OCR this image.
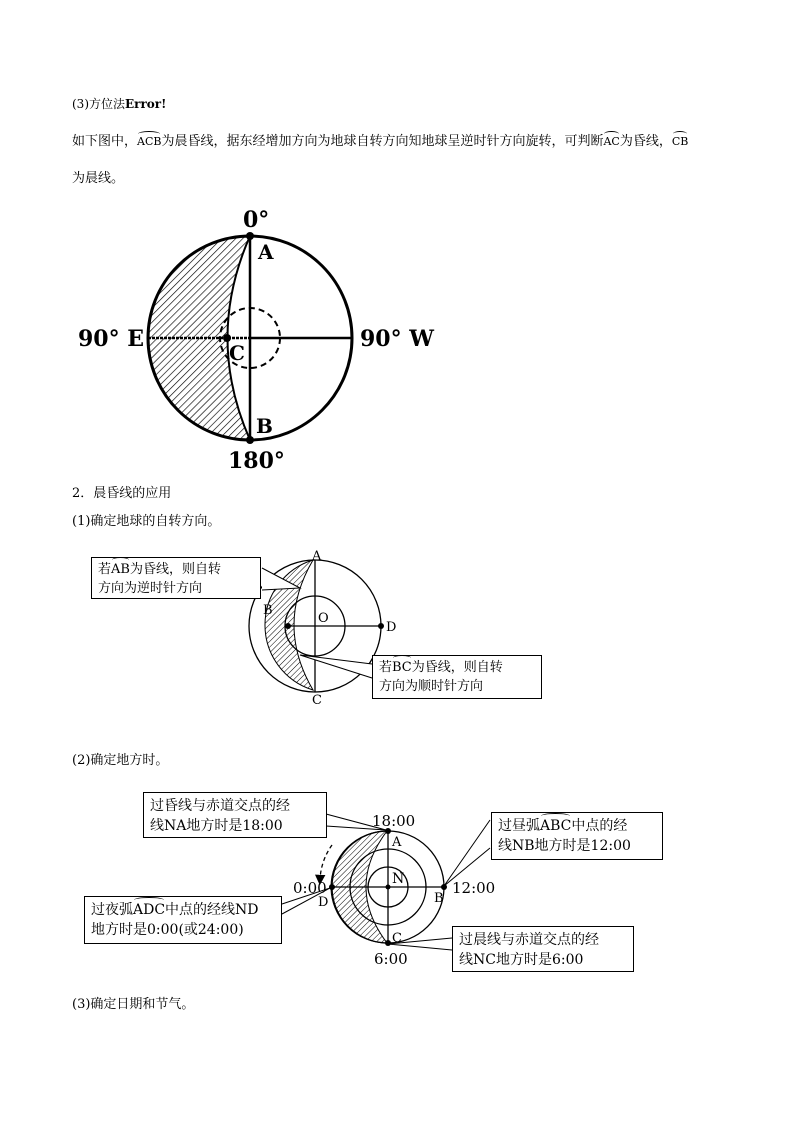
(3)方位法Error!
如下图中，ACB为晨昏线，据东经增加方向为地球自转方向知地球呈逆时针方向旋转，可判断AC为昏线，CB
为晨线。
0°
180°
90° E	90° W
A
B
C
A
B
C
D
O
18:00
12:00
0:00
6:00
A
B
C
D
N
2．晨昏线的应用
(1)确定地球的自转方向。
若AB为昏线，则自转
方向为逆时针方向
若BC为昏线，则自转
方向为顺时针方向
(2)确定地方时。
过昏线与赤道交点的经
线NA地方时是18:00	过昼弧ABC中点的经
线NB地方时是12:00
过夜弧ADC中点的经线ND
地方时是0:00(或24:00)
过晨线与赤道交点的经
线NC地方时是6:00
(3)确定日期和节气。
